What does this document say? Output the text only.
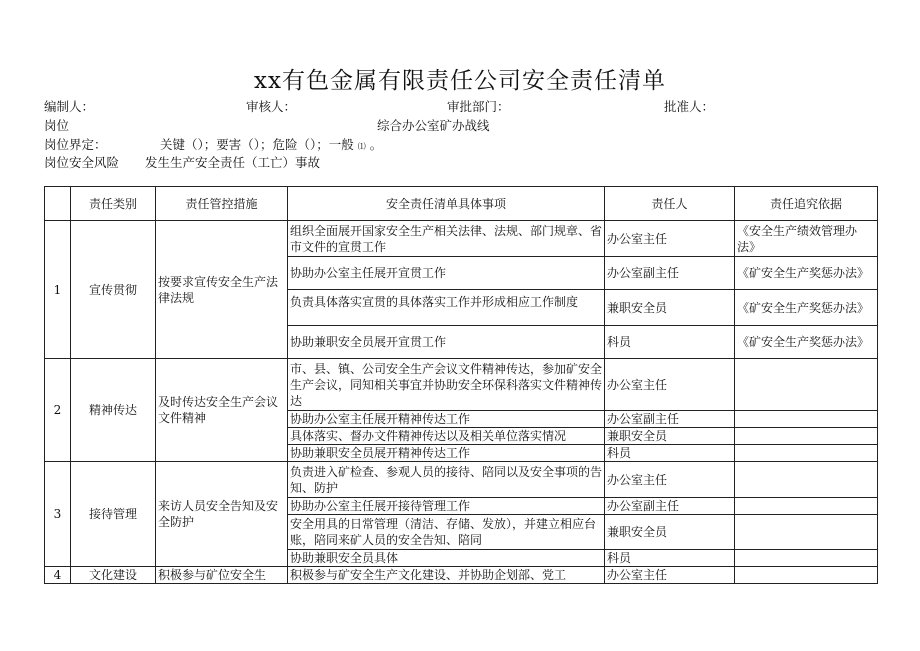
xx有色金属有限责任公司安全责任清单
编制人：	审核人：	审批部门：	批准人：
岗位	综合办公室矿办战线
岗位界定：	关键（）；要害（）；危险（）；一般 ⑴ 。
岗位安全风险 发生生产安全责任（工亡）事故
	责任类别	责任管控措施	安全责任清单具体事项	责任人	责任追究依据
1	宣传贯彻	按要求宣传安全生产法律法规	组织全面展开国家安全生产相关法律、法规、部门规章、省市文件的宣贯工作	办公室主任	《安全生产绩效管理办法》
			协助办公室主任展开宣贯工作	办公室副主任	《矿安全生产奖惩办法》
			负责具体落实宣贯的具体落实工作并形成相应工作制度	兼职安全员	《矿安全生产奖惩办法》
			协助兼职安全员展开宣贯工作	科员	《矿安全生产奖惩办法》
2	精神传达	及时传达安全生产会议文件精神	市、县、镇、公司安全生产会议文件精神传达，参加矿安全生产会议，同知相关事宜并协助安全环保科落实文件精神传达	办公室主任	
			协助办公室主任展开精神传达工作	办公室副主任	
			具体落实、督办文件精神传达以及相关单位落实情况	兼职安全员	
			协助兼职安全员展开精神传达工作	科员	
3	接待管理	来访人员安全告知及安全防护	负责进入矿检查、参观人员的接待、陪同以及安全事项的告知、防护	办公室主任	
			协助办公室主任展开接待管理工作	办公室副主任	
			安全用具的日常管理（清洁、存储、发放），并建立相应台账，陪同来矿人员的安全告知、陪同	兼职安全员	
			协助兼职安全员具体	科员	
4	文化建设	积极参与矿位安全生	积极参与矿安全生产文化建设、并协助企划部、党工	办公室主任	
